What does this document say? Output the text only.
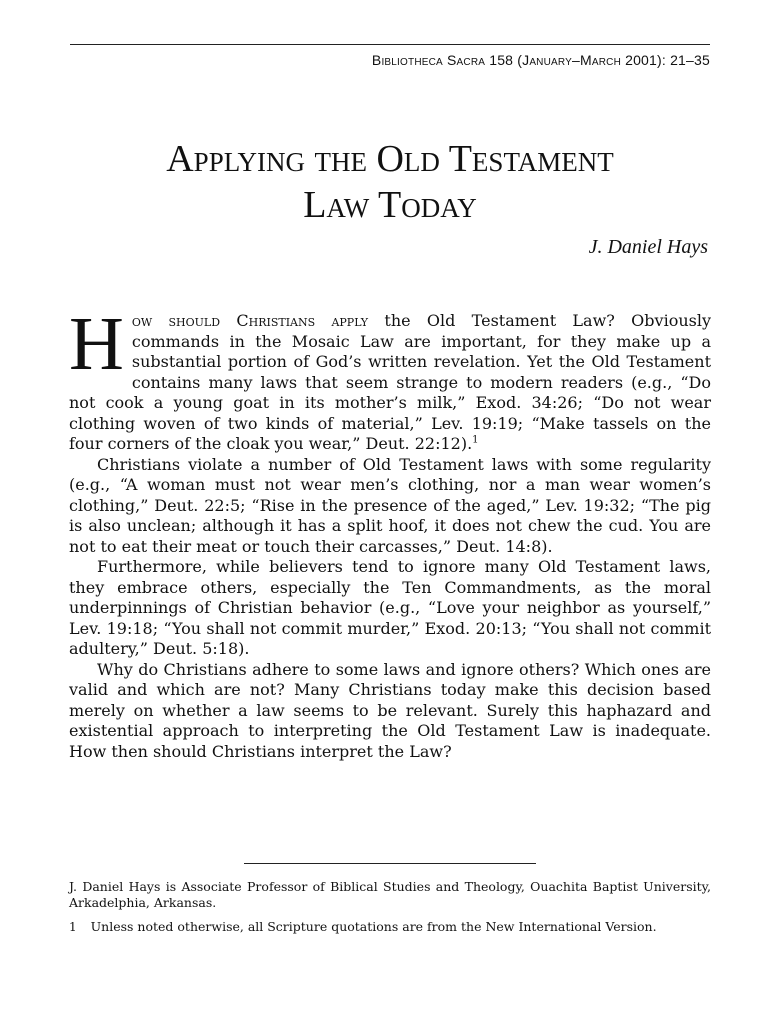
Bibliotheca Sacra 158 (January–March 2001): 21–35
Applying the Old Testament
Law Today
J. Daniel Hays

How should Christians apply the Old Testament Law? Obviously commands in the Mosaic Law are important, for they make up a substantial portion of God’s written revelation. Yet the Old Testament contains many laws that seem strange to modern readers (e.g., “Do not cook a young goat in its mother’s milk,” Exod. 34:26; “Do not wear clothing woven of two kinds of material,” Lev. 19:19; “Make tassels on the four corners of the cloak you wear,” Deut. 22:12).$^1$

Christians violate a number of Old Testament laws with some regularity (e.g., “A woman must not wear men’s clothing, nor a man wear women’s clothing,” Deut. 22:5; “Rise in the presence of the aged,” Lev. 19:32; “The pig is also unclean; although it has a split hoof, it does not chew the cud. You are not to eat their meat or touch their carcasses,” Deut. 14:8).

Furthermore, while believers tend to ignore many Old Testament laws, they embrace others, especially the Ten Commandments, as the moral underpinnings of Christian behavior (e.g., “Love your neighbor as yourself,” Lev. 19:18; “You shall not commit murder,” Exod. 20:13; “You shall not commit adultery,” Deut. 5:18).

Why do Christians adhere to some laws and ignore others? Which ones are valid and which are not? Many Christians today make this decision based merely on whether a law seems to be relevant. Surely this haphazard and existential approach to interpreting the Old Testament Law is inadequate. How then should Christians interpret the Law?

J. Daniel Hays is Associate Professor of Biblical Studies and Theology, Ouachita Baptist University, Arkadelphia, Arkansas.

1 Unless noted otherwise, all Scripture quotations are from the New International Version.
